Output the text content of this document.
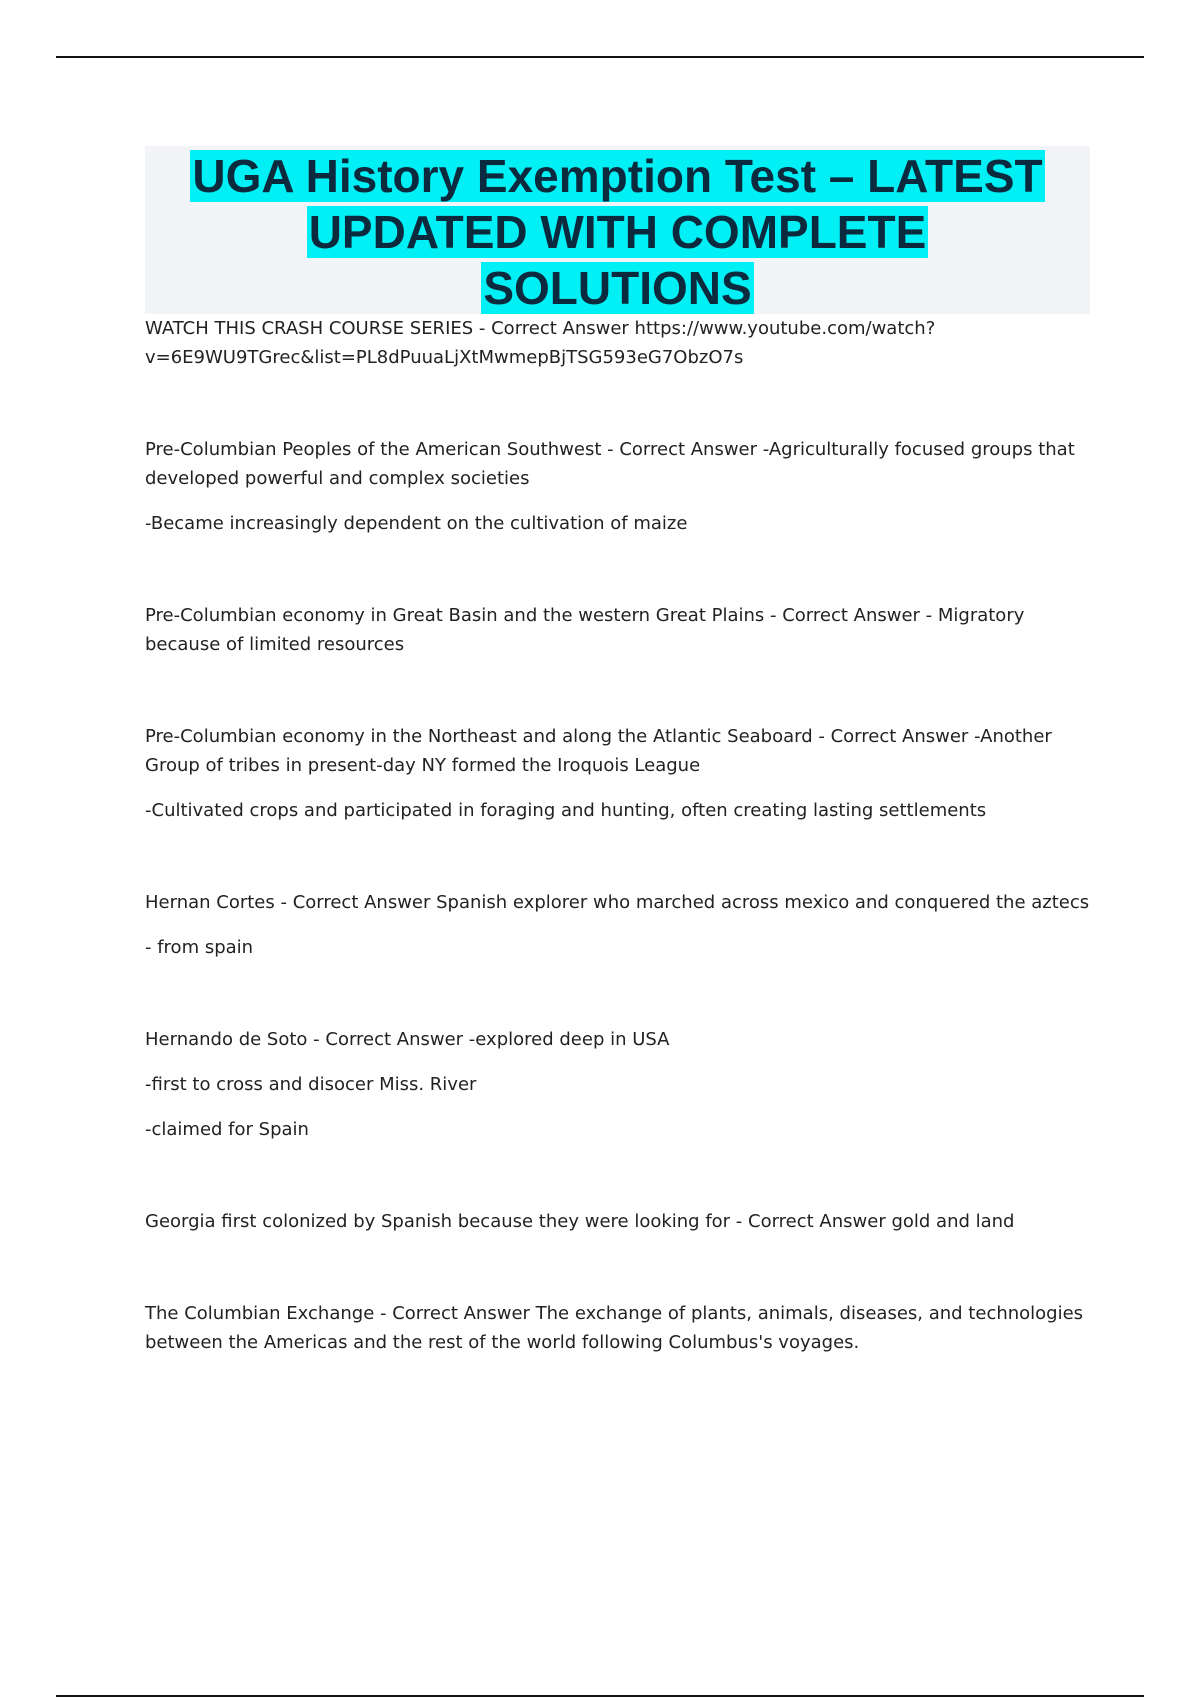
UGA History Exemption Test – LATEST
UPDATED WITH COMPLETE
SOLUTIONS

WATCH THIS CRASH COURSE SERIES - Correct Answer https://www.youtube.com/watch?

v=6E9WU9TGrec&list=PL8dPuuaLjXtMwmepBjTSG593eG7ObzO7s

Pre-Columbian Peoples of the American Southwest - Correct Answer -Agriculturally focused groups that

developed powerful and complex societies

-Became increasingly dependent on the cultivation of maize

Pre-Columbian economy in Great Basin and the western Great Plains - Correct Answer - Migratory

because of limited resources

Pre-Columbian economy in the Northeast and along the Atlantic Seaboard - Correct Answer -Another

Group of tribes in present-day NY formed the Iroquois League

-Cultivated crops and participated in foraging and hunting, often creating lasting settlements

Hernan Cortes - Correct Answer Spanish explorer who marched across mexico and conquered the aztecs

- from spain

Hernando de Soto - Correct Answer -explored deep in USA

-first to cross and disocer Miss. River

-claimed for Spain

Georgia first colonized by Spanish because they were looking for - Correct Answer gold and land

The Columbian Exchange - Correct Answer The exchange of plants, animals, diseases, and technologies

between the Americas and the rest of the world following Columbus's voyages.
